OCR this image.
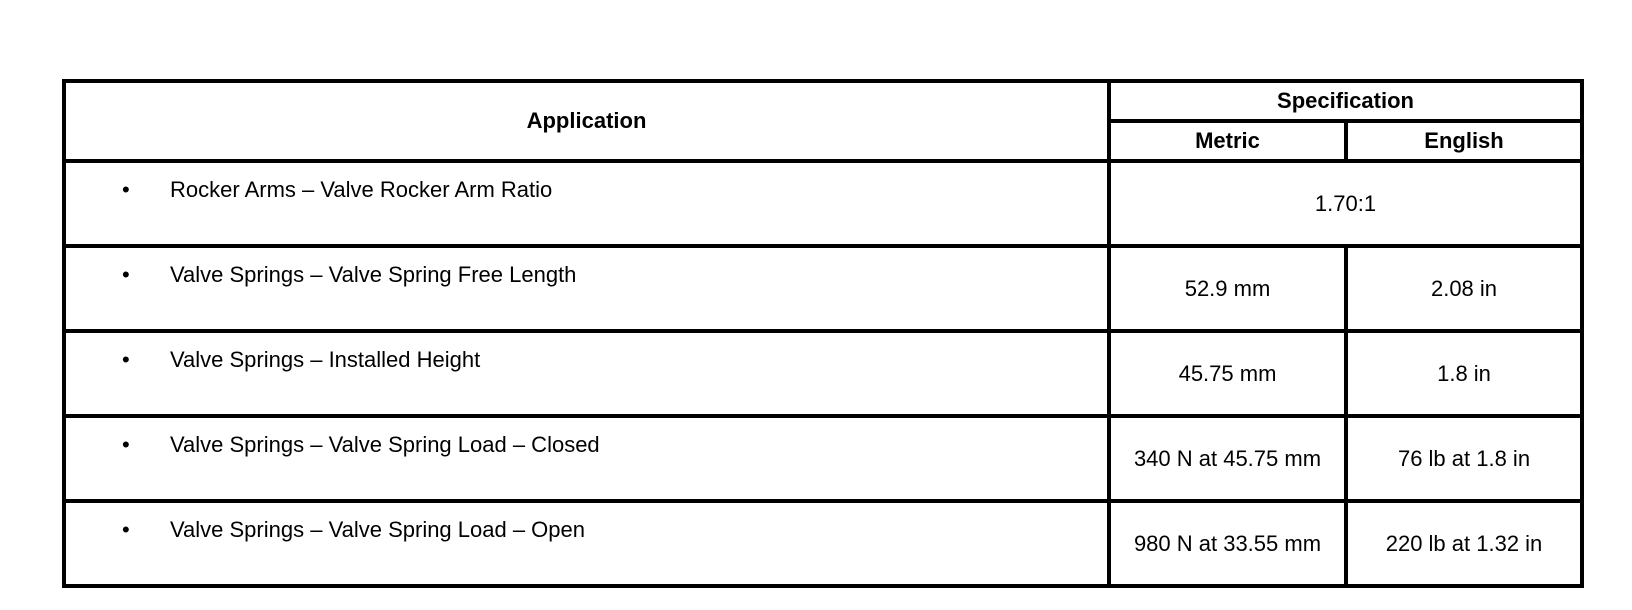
Application	Specification	
	Metric	English

• Rocker Arms – Valve Rocker Arm Ratio	1.70:1	

• Valve Springs – Valve Spring Free Length	52.9 mm	2.08 in

• Valve Springs – Installed Height	45.75 mm	1.8 in

• Valve Springs – Valve Spring Load – Closed	340 N at 45.75 mm	76 lb at 1.8 in

• Valve Springs – Valve Spring Load – Open	980 N at 33.55 mm	220 lb at 1.32 in
